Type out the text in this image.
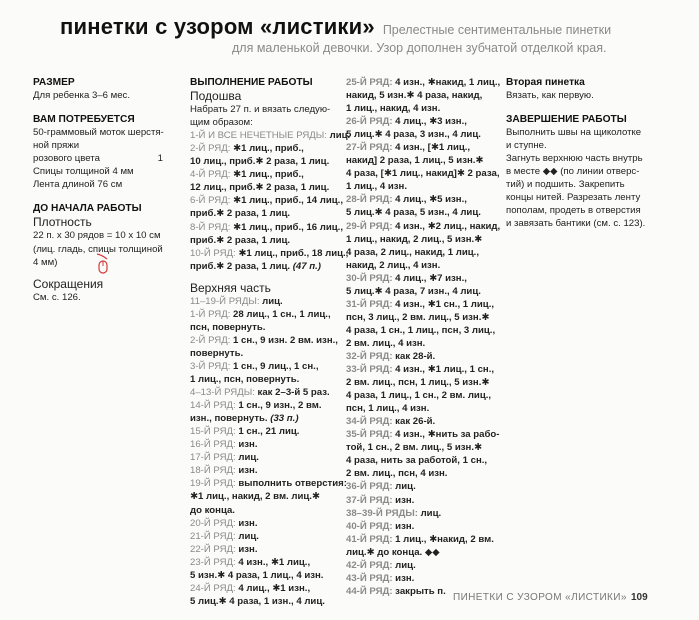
пинетки с узором «листики» Прелестные сентиментальные пинетки
для маленькой девочки. Узор дополнен зубчатой отделкой края.
РАЗМЕР
Для ребенка 3–6 мес.
ВАМ ПОТРЕБУЕТСЯ
50-граммовый моток шерстя-
ной пряжи
розового цвета	1
Спицы толщиной 4 мм
Лента длиной 76 см
ДО НАЧАЛА РАБОТЫ
Плотность
22 п. х 30 рядов = 10 х 10 см
(лиц. гладь, спицы толщиной
4 мм)
Сокращения
См. с. 126.
ВЫПОЛНЕНИЕ РАБОТЫ
Подошва
Набрать 27 п. и вязать следую-
щим образом:
1-Й И ВСЕ НЕЧЕТНЫЕ РЯДЫ: лиц.
2-Й РЯД: ✱1 лиц., приб.,
10 лиц., приб.✱ 2 раза, 1 лиц.
4-Й РЯД: ✱1 лиц., приб.,
12 лиц., приб.✱ 2 раза, 1 лиц.
6-Й РЯД: ✱1 лиц., приб., 14 лиц.,
приб.✱ 2 раза, 1 лиц.
8-Й РЯД: ✱1 лиц., приб., 16 лиц.,
приб.✱ 2 раза, 1 лиц.
10-Й РЯД: ✱1 лиц., приб., 18 лиц.,
приб.✱ 2 раза, 1 лиц. (47 п.)
Верхняя часть
11–19-Й РЯДЫ: лиц.
1-Й РЯД: 28 лиц., 1 сн., 1 лиц.,
псн, повернуть.
2-Й РЯД: 1 сн., 9 изн. 2 вм. изн.,
повернуть.
3-Й РЯД: 1 сн., 9 лиц., 1 сн.,
1 лиц., псн, повернуть.
4–13-Й РЯДЫ: как 2–3-й 5 раз.
14-Й РЯД: 1 сн., 9 изн., 2 вм.
изн., повернуть. (33 п.)
15-Й РЯД: 1 сн., 21 лиц.
16-Й РЯД: изн.
17-Й РЯД: лиц.
18-Й РЯД: изн.
19-Й РЯД: выполнить отверстия:
✱1 лиц., накид, 2 вм. лиц.✱
до конца.
20-Й РЯД: изн.
21-Й РЯД: лиц.
22-Й РЯД: изн.
23-Й РЯД: 4 изн., ✱1 лиц.,
5 изн.✱ 4 раза, 1 лиц., 4 изн.
24-Й РЯД: 4 лиц., ✱1 изн.,
5 лиц.✱ 4 раза, 1 изн., 4 лиц.
25-Й РЯД: 4 изн., ✱накид, 1 лиц.,
накид, 5 изн.✱ 4 раза, накид,
1 лиц., накид, 4 изн.
26-Й РЯД: 4 лиц., ✱3 изн.,
5 лиц.✱ 4 раза, 3 изн., 4 лиц.
27-Й РЯД: 4 изн., [✱1 лиц.,
накид] 2 раза, 1 лиц., 5 изн.✱
4 раза, [✱1 лиц., накид]✱ 2 раза,
1 лиц., 4 изн.
28-Й РЯД: 4 лиц., ✱5 изн.,
5 лиц.✱ 4 раза, 5 изн., 4 лиц.
29-Й РЯД: 4 изн., ✱2 лиц., накид,
1 лиц., накид, 2 лиц., 5 изн.✱
4 раза, 2 лиц., накид, 1 лиц.,
накид, 2 лиц., 4 изн.
30-Й РЯД: 4 лиц., ✱7 изн.,
5 лиц.✱ 4 раза, 7 изн., 4 лиц.
31-Й РЯД: 4 изн., ✱1 сн., 1 лиц.,
псн, 3 лиц., 2 вм. лиц., 5 изн.✱
4 раза, 1 сн., 1 лиц., псн, 3 лиц.,
2 вм. лиц., 4 изн.
32-Й РЯД: как 28-й.
33-Й РЯД: 4 изн., ✱1 лиц., 1 сн.,
2 вм. лиц., псн, 1 лиц., 5 изн.✱
4 раза, 1 лиц., 1 сн., 2 вм. лиц.,
псн, 1 лиц., 4 изн.
34-Й РЯД: как 26-й.
35-Й РЯД: 4 изн., ✱нить за рабо-
той, 1 сн., 2 вм. лиц., 5 изн.✱
4 раза, нить за работой, 1 сн.,
2 вм. лиц., псн, 4 изн.
36-Й РЯД: лиц.
37-Й РЯД: изн.
38–39-Й РЯДЫ: лиц.
40-Й РЯД: изн.
41-Й РЯД: 1 лиц., ✱накид, 2 вм.
лиц.✱ до конца. ◆◆
42-Й РЯД: лиц.
43-Й РЯД: изн.
44-Й РЯД: закрыть п.
Вторая пинетка
Вязать, как первую.
ЗАВЕРШЕНИЕ РАБОТЫ
Выполнить швы на щиколотке
и ступне.
Загнуть верхнюю часть внутрь
в месте ◆◆ (по линии отверс-
тий) и подшить. Закрепить
концы нитей. Разрезать ленту
пополам, продеть в отверстия
и завязать бантики (см. с. 123).
ПИНЕТКИ С УЗОРОМ «ЛИСТИКИ» 109
